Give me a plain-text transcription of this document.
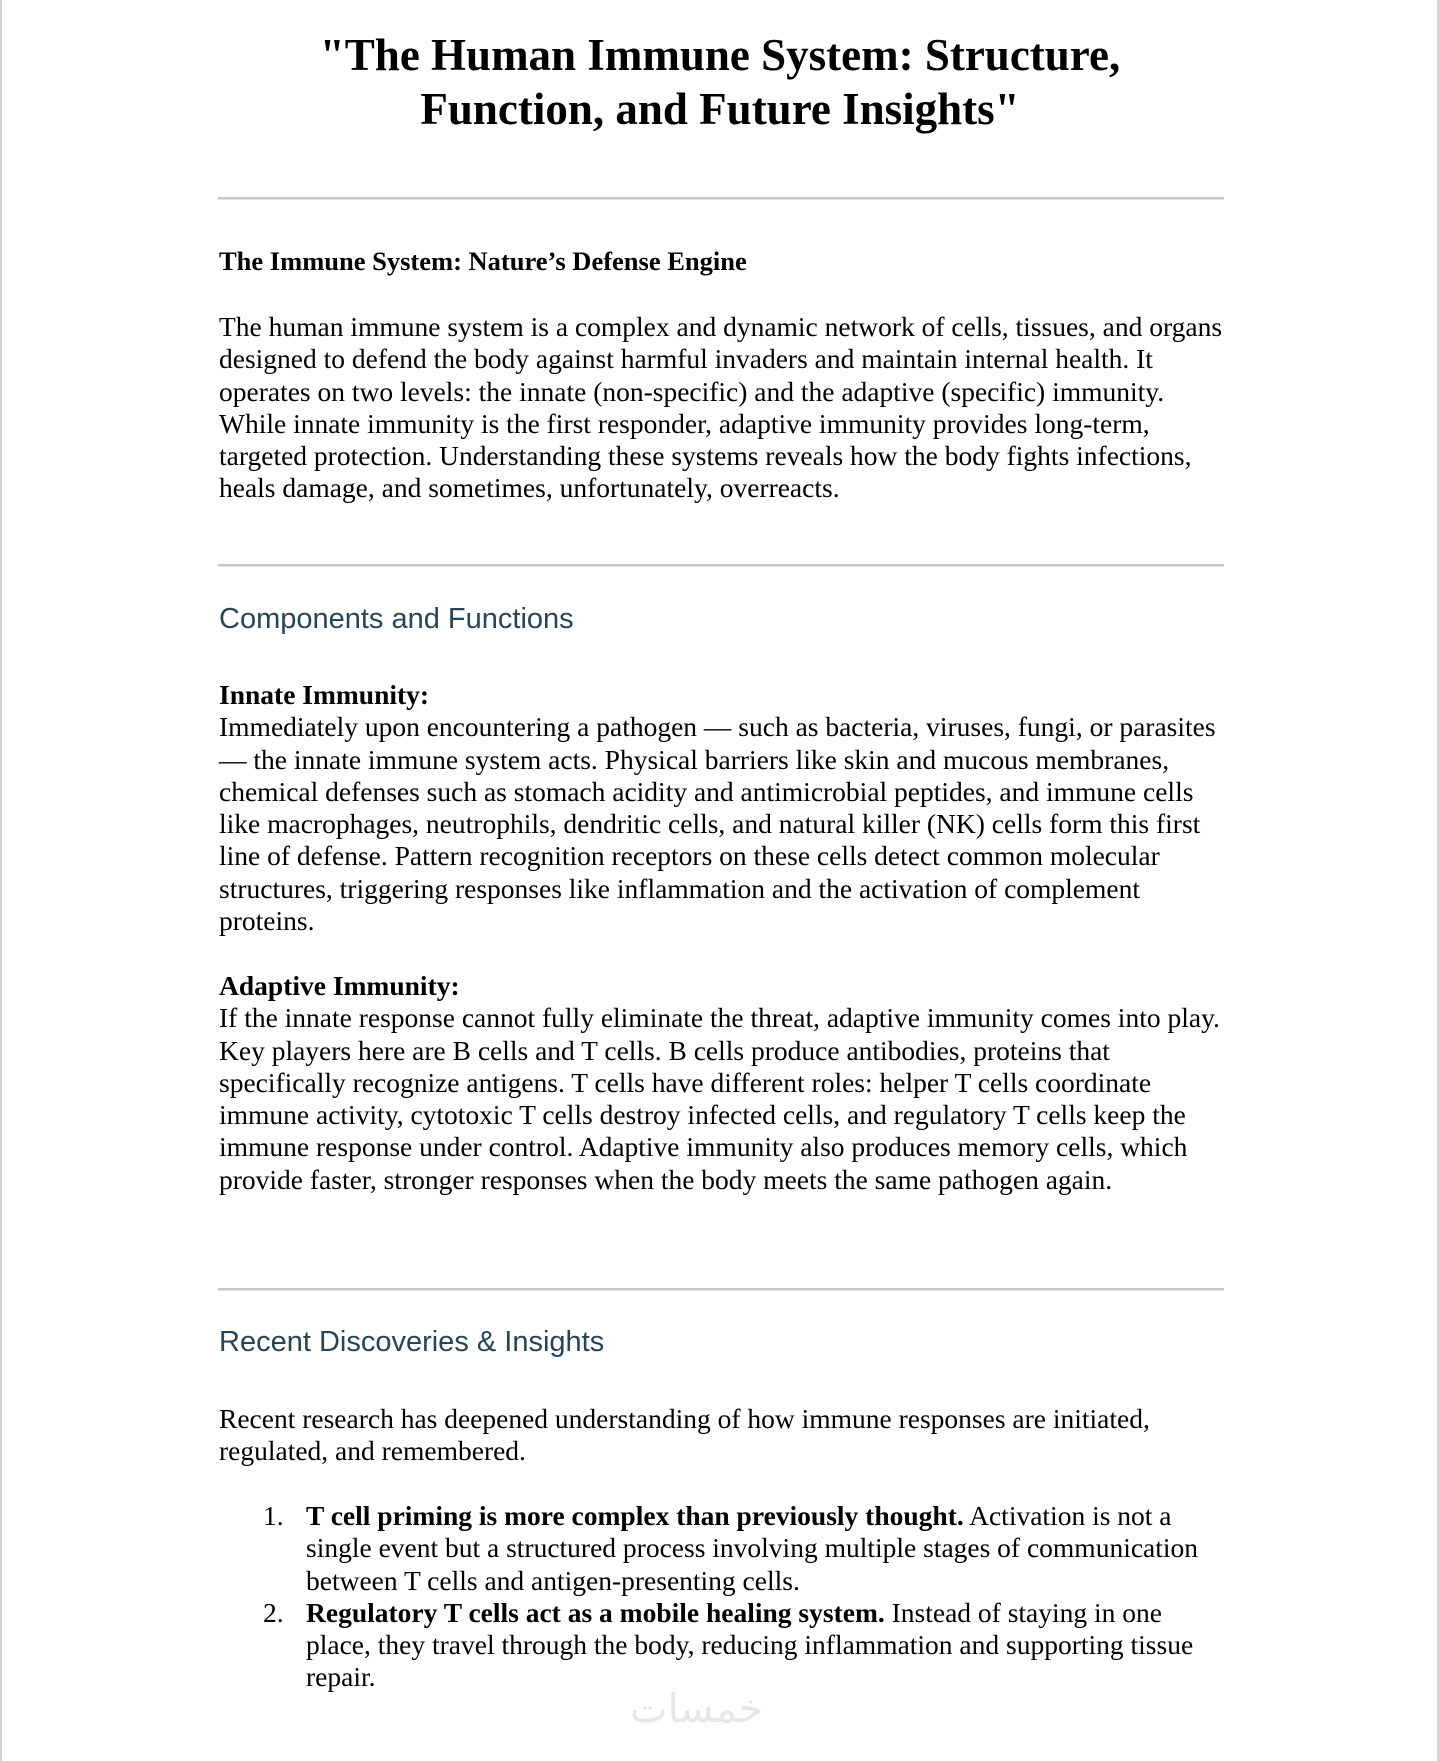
"The Human Immune System: Structure,
Function, and Future Insights"
The Immune System: Nature’s Defense Engine
The human immune system is a complex and dynamic network of cells, tissues, and organs designed to defend the body against harmful invaders and maintain internal health. It operates on two levels: the innate (non-specific) and the adaptive (specific) immunity. While innate immunity is the first responder, adaptive immunity provides long-term, targeted protection. Understanding these systems reveals how the body fights infections, heals damage, and sometimes, unfortunately, overreacts.
Components and Functions
Innate Immunity:
Immediately upon encountering a pathogen — such as bacteria, viruses, fungi, or parasites — the innate immune system acts. Physical barriers like skin and mucous membranes, chemical defenses such as stomach acidity and antimicrobial peptides, and immune cells like macrophages, neutrophils, dendritic cells, and natural killer (NK) cells form this first line of defense. Pattern recognition receptors on these cells detect common molecular structures, triggering responses like inflammation and the activation of complement proteins.
Adaptive Immunity:
If the innate response cannot fully eliminate the threat, adaptive immunity comes into play. Key players here are B cells and T cells. B cells produce antibodies, proteins that specifically recognize antigens. T cells have different roles: helper T cells coordinate immune activity, cytotoxic T cells destroy infected cells, and regulatory T cells keep the immune response under control. Adaptive immunity also produces memory cells, which provide faster, stronger responses when the body meets the same pathogen again.
Recent Discoveries & Insights
Recent research has deepened understanding of how immune responses are initiated, regulated, and remembered.
1. T cell priming is more complex than previously thought. Activation is not a single event but a structured process involving multiple stages of communication between T cells and antigen-presenting cells.
2. Regulatory T cells act as a mobile healing system. Instead of staying in one place, they travel through the body, reducing inflammation and supporting tissue repair.
خمسات
